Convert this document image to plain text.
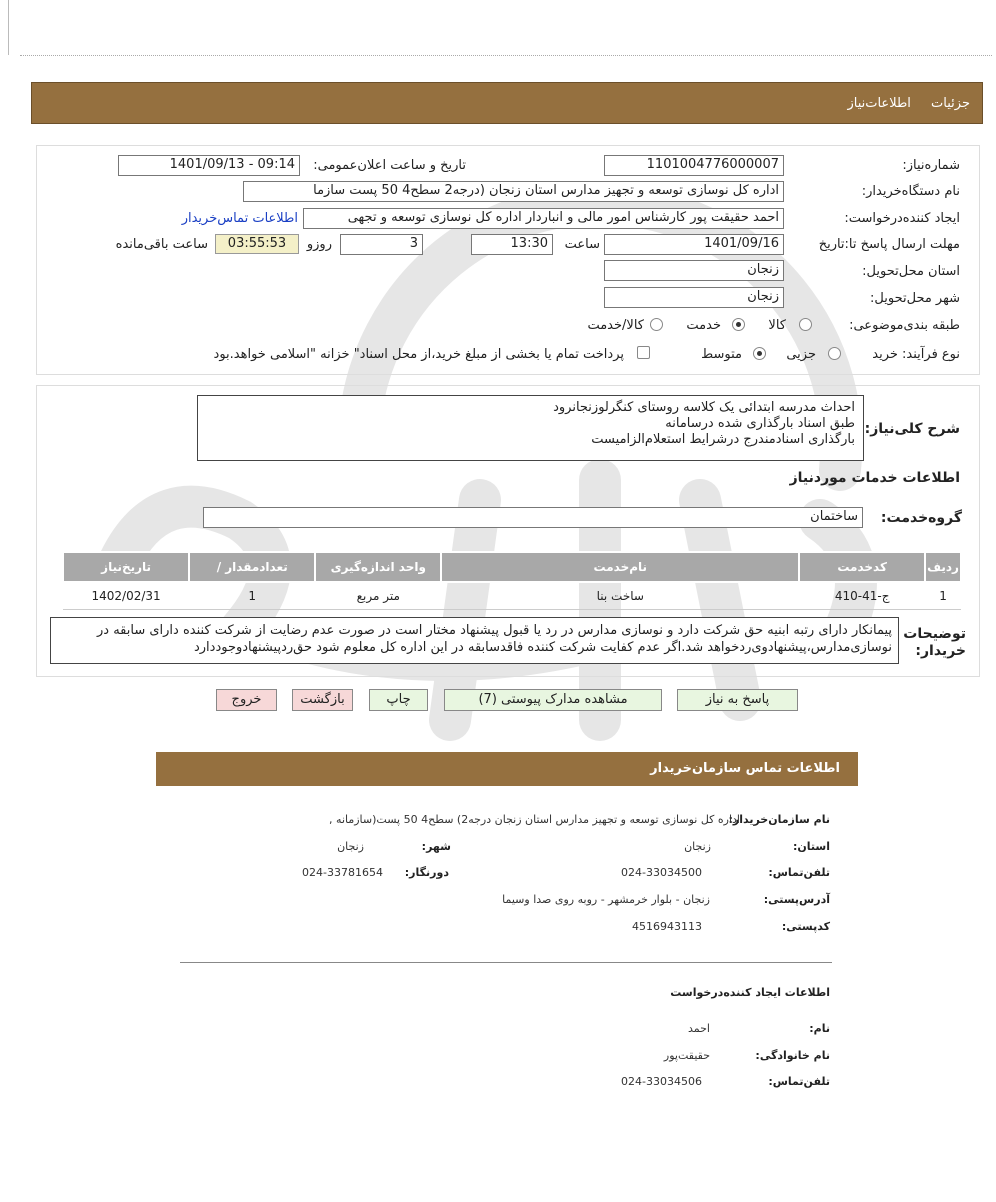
جزئیات اطلاعات‌نیاز
شماره‌نیاز:
1101004776000007
تاریخ و ساعت اعلان‌عمومی:
1401/09/13 - 09:14
نام دستگاه‌خریدار:
اداره کل نوسازی توسعه و تجهیز مدارس استان زنجان (درجه2 سطح4 50 پست سازما
ایجاد کننده‌درخواست:
احمد حقیقت پور کارشناس امور مالی و انباردار اداره کل نوسازی توسعه و تجهی
اطلاعات تماس‌خریدار
مهلت ارسال پاسخ تا:تاریخ
1401/09/16
ساعت
13:30
3
روزو
03:55:53
ساعت باقی‌مانده
استان محل‌تحویل:
زنجان
شهر محل‌تحویل:
زنجان
طبقه بندی‌موضوعی:
کالا
خدمت
کالا/خدمت
نوع فرآیند: خرید
جزیی
متوسط
پرداخت تمام یا بخشی از مبلغ خرید،از محل اسناد" خزانه "اسلامی خواهد.بود
شرح کلی‌نیاز:
احداث مدرسه ابتدائی یک کلاسه روستای کنگرلوزنجانرود
طبق اسناد بارگذاری شده درسامانه
بارگذاری اسنادمندرج درشرایط استعلام‌الزامیست
اطلاعات خدمات موردنیاز
گروه‌خدمت:
ساختمان
ردیف	کدخدمت	نام‌خدمت	واحد اندازه‌گیری	تعداد‌مقدار /	تاریخ‌نیاز
1	ج-41-410	ساخت بنا	متر مربع	1	1402/02/31
توضیحات خریدار:
پیمانکار دارای رتبه ابنیه حق شرکت دارد و نوسازی مدارس در رد یا قبول پیشنهاد مختار است در صورت عدم رضایت از شرکت کننده دارای سابقه در نوسازی‌مدارس،پیشنهادوی‌ردخواهد شد.اگر عدم کفایت شرکت کننده فاقدسابقه در این اداره کل معلوم شود حق‌ردپیشنهادوجوددارد
پاسخ به نیاز
مشاهده مدارک پیوستی (7)
چاپ
بازگشت
خروج
اطلاعات تماس سازمان‌خریدار
نام سازمان‌خریدار:
اداره کل نوسازی توسعه و تجهیز مدارس استان زنجان درجه2) سطح4 50 پست(سازمانه ,
استان:
زنجان
شهر:
زنجان
تلفن‌تماس:
024-33034500
دورنگار:
024-33781654
آدرس‌پستی:
زنجان - بلوار خرمشهر - روبه روی صدا وسیما
کد‌پستی:
4516943113
اطلاعات ایجاد کننده‌درخواست
نام:
احمد
نام خانوادگی:
حقیقت‌پور
تلفن‌تماس:
024-33034506
